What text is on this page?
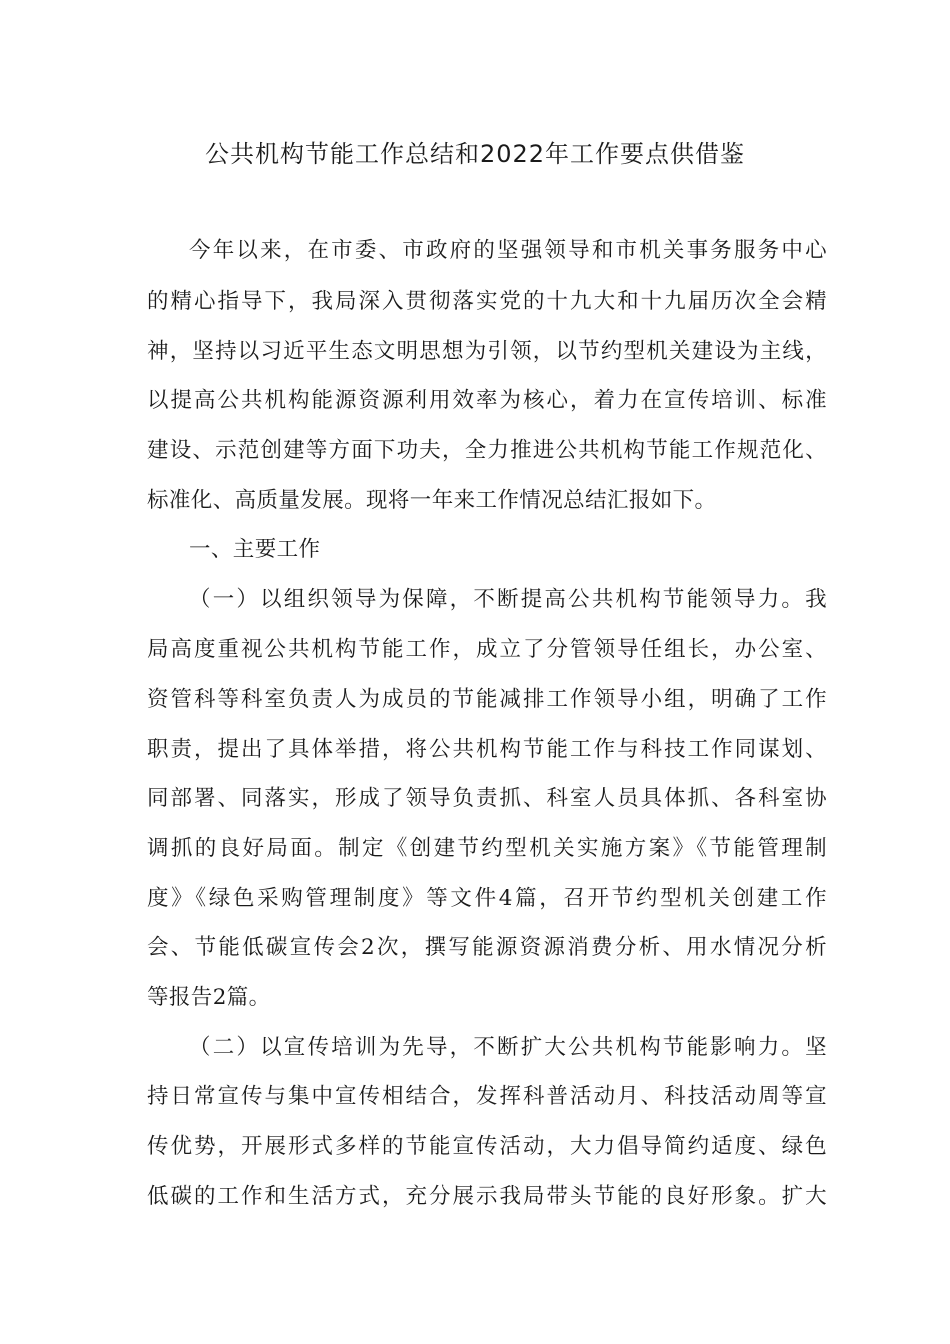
公共机构节能工作总结和2022年工作要点供借鉴
今年以来，在市委、市政府的坚强领导和市机关事务服务中心
的精心指导下，我局深入贯彻落实党的十九大和十九届历次全会精
神，坚持以习近平生态文明思想为引领，以节约型机关建设为主线，
以提高公共机构能源资源利用效率为核心，着力在宣传培训、标准
建设、示范创建等方面下功夫，全力推进公共机构节能工作规范化、
标准化、高质量发展。现将一年来工作情况总结汇报如下。
一、主要工作
（一）以组织领导为保障，不断提高公共机构节能领导力。我
局高度重视公共机构节能工作，成立了分管领导任组长，办公室、
资管科等科室负责人为成员的节能减排工作领导小组，明确了工作
职责，提出了具体举措，将公共机构节能工作与科技工作同谋划、
同部署、同落实，形成了领导负责抓、科室人员具体抓、各科室协
调抓的良好局面。制定《创建节约型机关实施方案》《节能管理制
度》《绿色采购管理制度》等文件4篇，召开节约型机关创建工作
会、节能低碳宣传会2次，撰写能源资源消费分析、用水情况分析
等报告2篇。
（二）以宣传培训为先导，不断扩大公共机构节能影响力。坚
持日常宣传与集中宣传相结合，发挥科普活动月、科技活动周等宣
传优势，开展形式多样的节能宣传活动，大力倡导简约适度、绿色
低碳的工作和生活方式，充分展示我局带头节能的良好形象。扩大
